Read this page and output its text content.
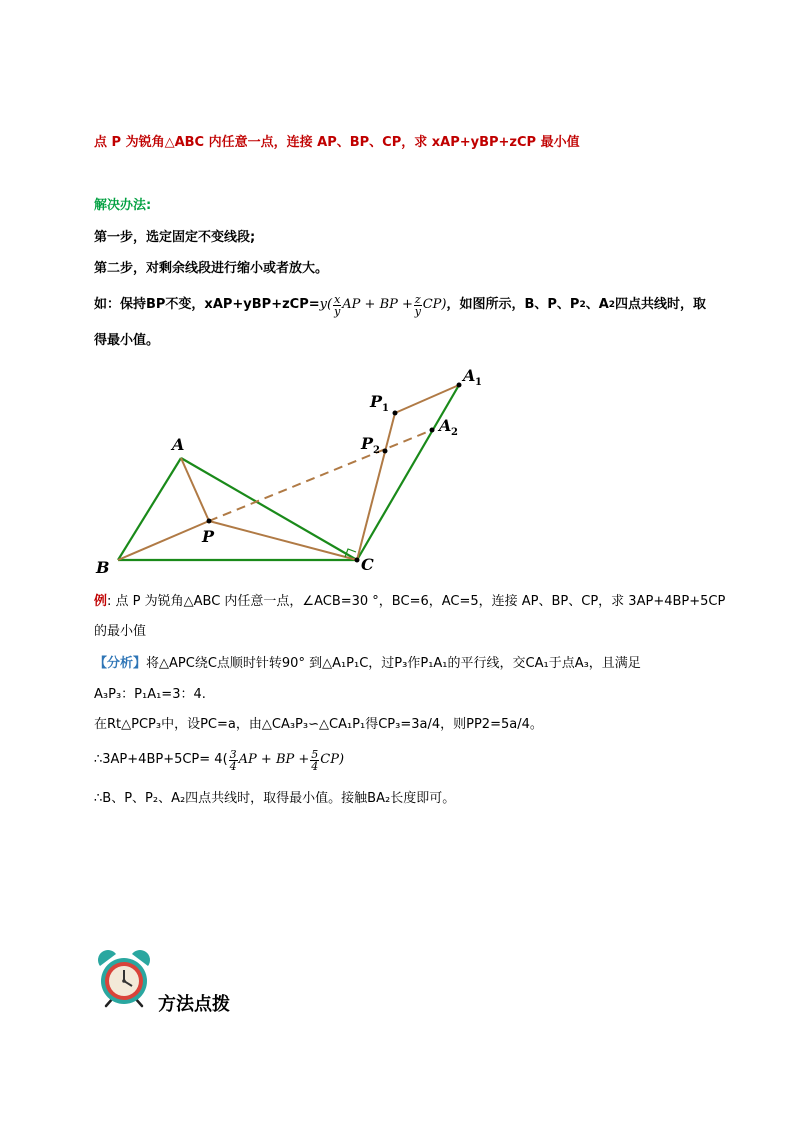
点 P 为锐角△ABC 内任意一点，连接 AP、BP、CP，求 xAP+yBP+zCP 最小值
解决办法:
第一步，选定固定不变线段;
第二步，对剩余线段进行缩小或者放大。
如：保持BP不变，$xAP+yBP+zCP= y( \frac{x}{y}$ AP + BP + $\frac{z}{y} CP$) ，如图所示，B、P、P 2 、A 2 四点共线时，取
得最小值。
A
B	C
P
P 1
P 2
A 1
A 2
例: 点 P 为锐角△ABC 内任意一点，∠ACB=30 °，BC=6，AC=5，连接 AP、BP、CP，求 3AP+4BP+5CP
的最小值
【分析】将△APC绕C点顺时针转90° 到△A₁P₁C，过P₃作P₁A₁的平行线，交CA₁于点A₃，且满足
A₃P₃：P₁A₁=3：4.
在Rt△PCP₃中，设PC=a，由△CA₃P₃∽△CA₁P₁得CP₃=3a/4，则PP2=5a/4。
∴3AP+4BP+5CP= $4( \frac{3}{4}$ AP + BP + $\frac{5}{4} CP$)
∴B、P、P₂、A₂四点共线时，取得最小值。接触BA₂长度即可。
方法点拨
